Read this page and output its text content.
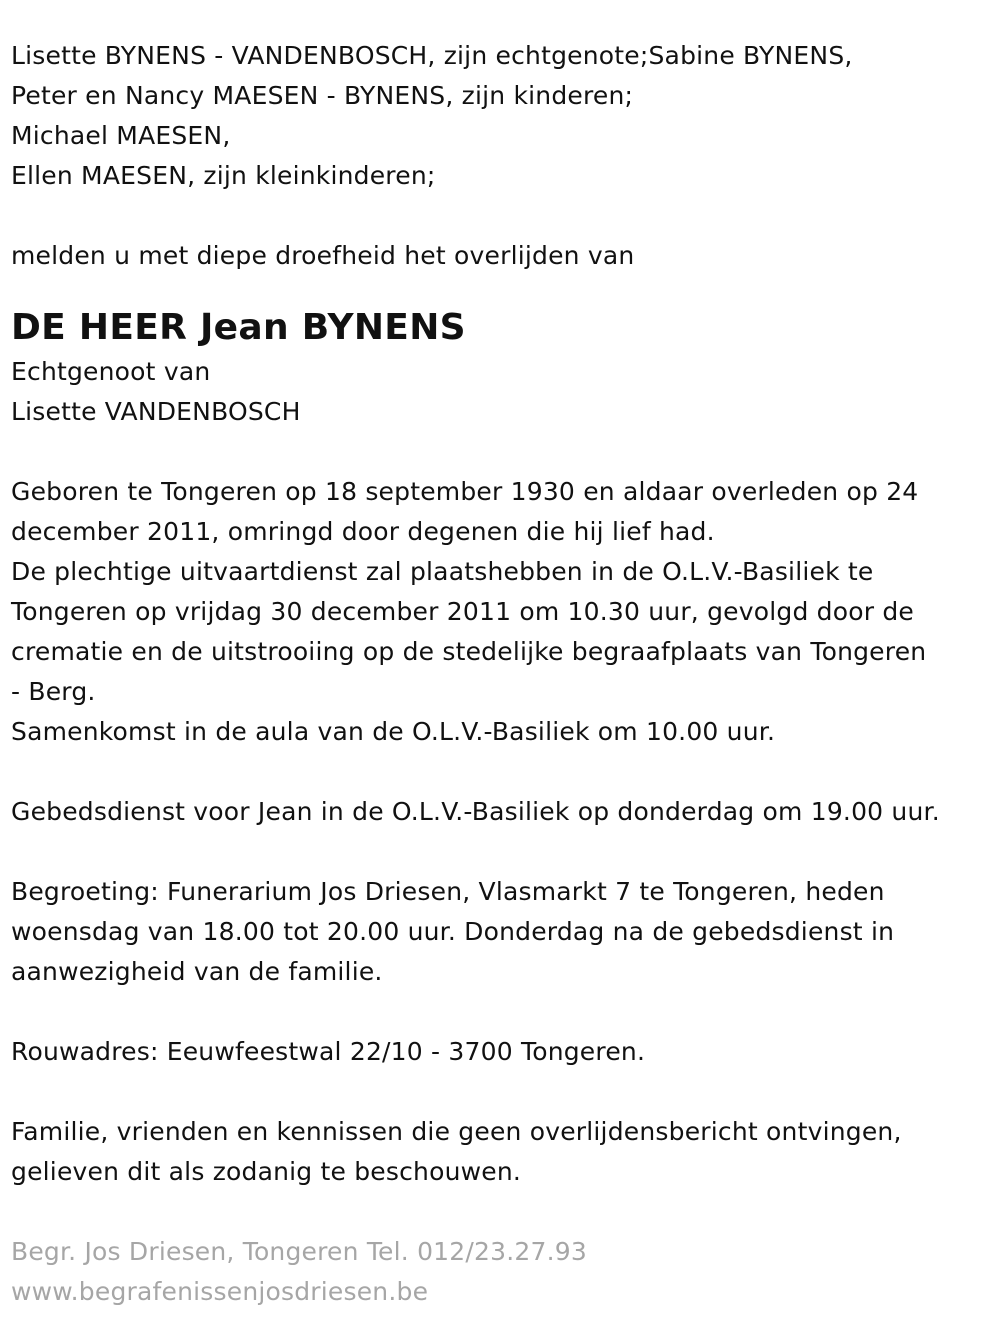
Lisette BYNENS - VANDENBOSCH, zijn echtgenote;Sabine BYNENS,
Peter en Nancy MAESEN - BYNENS, zijn kinderen;
Michael MAESEN,
Ellen MAESEN, zijn kleinkinderen;
melden u met diepe droefheid het overlijden van
DE HEER Jean BYNENS
Echtgenoot van
Lisette VANDENBOSCH
Geboren te Tongeren op 18 september 1930 en aldaar overleden op 24
december 2011, omringd door degenen die hij lief had.
De plechtige uitvaartdienst zal plaatshebben in de O.L.V.-Basiliek te
Tongeren op vrijdag 30 december 2011 om 10.30 uur, gevolgd door de
crematie en de uitstrooiing op de stedelijke begraafplaats van Tongeren
- Berg.
Samenkomst in de aula van de O.L.V.-Basiliek om 10.00 uur.
Gebedsdienst voor Jean in de O.L.V.-Basiliek op donderdag om 19.00 uur.
Begroeting: Funerarium Jos Driesen, Vlasmarkt 7 te Tongeren, heden
woensdag van 18.00 tot 20.00 uur. Donderdag na de gebedsdienst in
aanwezigheid van de familie.
Rouwadres: Eeuwfeestwal 22/10 - 3700 Tongeren.
Familie, vrienden en kennissen die geen overlijdensbericht ontvingen,
gelieven dit als zodanig te beschouwen.
Begr. Jos Driesen, Tongeren Tel. 012/23.27.93
www.begrafenissenjosdriesen.be
